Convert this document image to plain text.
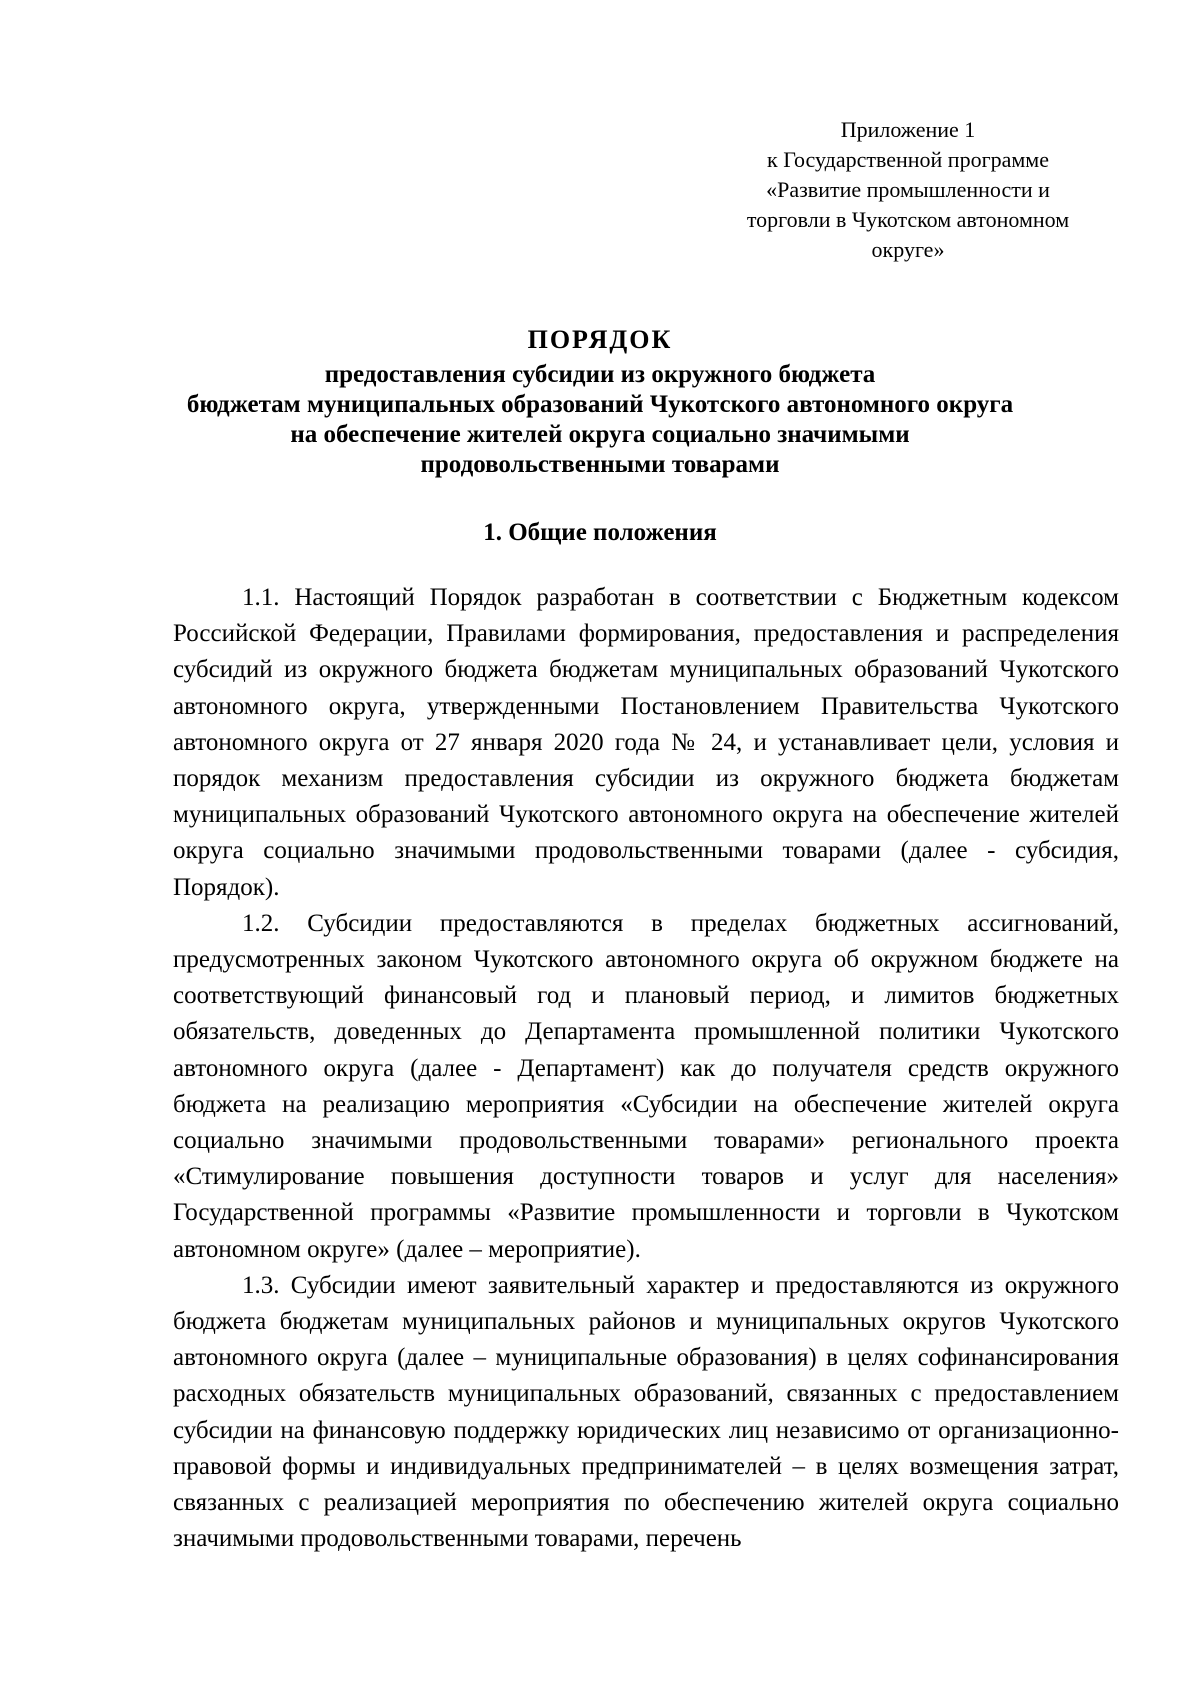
Приложение 1
к Государственной программе
«Развитие промышленности и
торговли в Чукотском автономном
округе»
ПОРЯДОК
предоставления субсидии из окружного бюджета
бюджетам муниципальных образований Чукотского автономного округа
на обеспечение жителей округа социально значимыми
продовольственными товарами
1. Общие положения

1.1. Настоящий Порядок разработан в соответствии с Бюджетным кодексом Российской Федерации, Правилами формирования, предоставления и распределения субсидий из окружного бюджета бюджетам муниципальных образований Чукотского автономного округа, утвержденными Постановлением Правительства Чукотского автономного округа от 27 января 2020 года № 24, и устанавливает цели, условия и порядок механизм предоставления субсидии из окружного бюджета бюджетам муниципальных образований Чукотского автономного округа на обеспечение жителей округа социально значимыми продовольственными товарами (далее - субсидия, Порядок).

1.2. Субсидии предоставляются в пределах бюджетных ассигнований, предусмотренных законом Чукотского автономного округа об окружном бюджете на соответствующий финансовый год и плановый период, и лимитов бюджетных обязательств, доведенных до Департамента промышленной политики Чукотского автономного округа (далее - Департамент) как до получателя средств окружного бюджета на реализацию мероприятия «Субсидии на обеспечение жителей округа социально значимыми продовольственными товарами» регионального проекта «Стимулирование повышения доступности товаров и услуг для населения» Государственной программы «Развитие промышленности и торговли в Чукотском автономном округе» (далее – мероприятие).

1.3. Субсидии имеют заявительный характер и предоставляются из окружного бюджета бюджетам муниципальных районов и муниципальных округов Чукотского автономного округа (далее – муниципальные образования) в целях софинансирования расходных обязательств муниципальных образований, связанных с предоставлением субсидии на финансовую поддержку юридических лиц независимо от организационно-правовой формы и индивидуальных предпринимателей – в целях возмещения затрат, связанных с реализацией мероприятия по обеспечению жителей округа социально значимыми продовольственными товарами, перечень
